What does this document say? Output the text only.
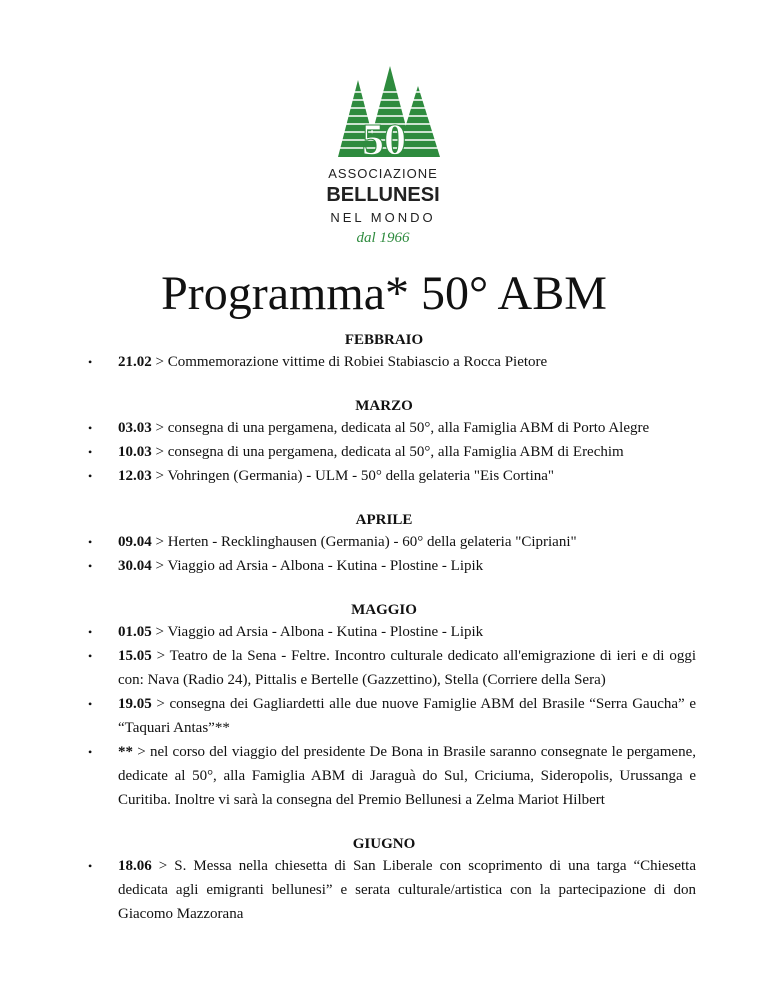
50
ASSOCIAZIONE
BELLUNESI
NEL MONDO
dal 1966
Programma* 50° ABM
FEBBRAIO
• 21.02 > Commemorazione vittime di Robiei Stabiascio a Rocca Pietore
MARZO
• 03.03 > consegna di una pergamena, dedicata al 50°, alla Famiglia ABM di Porto Alegre
• 10.03 > consegna di una pergamena, dedicata al 50°, alla Famiglia ABM di Erechim
• 12.03 > Vohringen (Germania) - ULM - 50° della gelateria "Eis Cortina"
APRILE
• 09.04 > Herten - Recklinghausen (Germania) - 60° della gelateria "Cipriani"
• 30.04 > Viaggio ad Arsia - Albona - Kutina - Plostine - Lipik
MAGGIO
• 01.05 > Viaggio ad Arsia - Albona - Kutina - Plostine - Lipik
• 15.05 > Teatro de la Sena - Feltre. Incontro culturale dedicato all'emigrazione di ieri e di oggi con: Nava (Radio 24), Pittalis e Bertelle (Gazzettino), Stella (Corriere della Sera)
• 19.05 > consegna dei Gagliardetti alle due nuove Famiglie ABM del Brasile “Serra Gaucha” e “Taquari Antas”**
• ** > nel corso del viaggio del presidente De Bona in Brasile saranno consegnate le pergamene, dedicate al 50°, alla Famiglia ABM di Jaraguà do Sul, Criciuma, Sideropolis, Urussanga e Curitiba. Inoltre vi sarà la consegna del Premio Bellunesi a Zelma Mariot Hilbert
GIUGNO
• 18.06 > S. Messa nella chiesetta di San Liberale con scoprimento di una targa “Chiesetta dedicata agli emigranti bellunesi” e serata culturale/artistica con la partecipazione di don Giacomo Mazzorana
